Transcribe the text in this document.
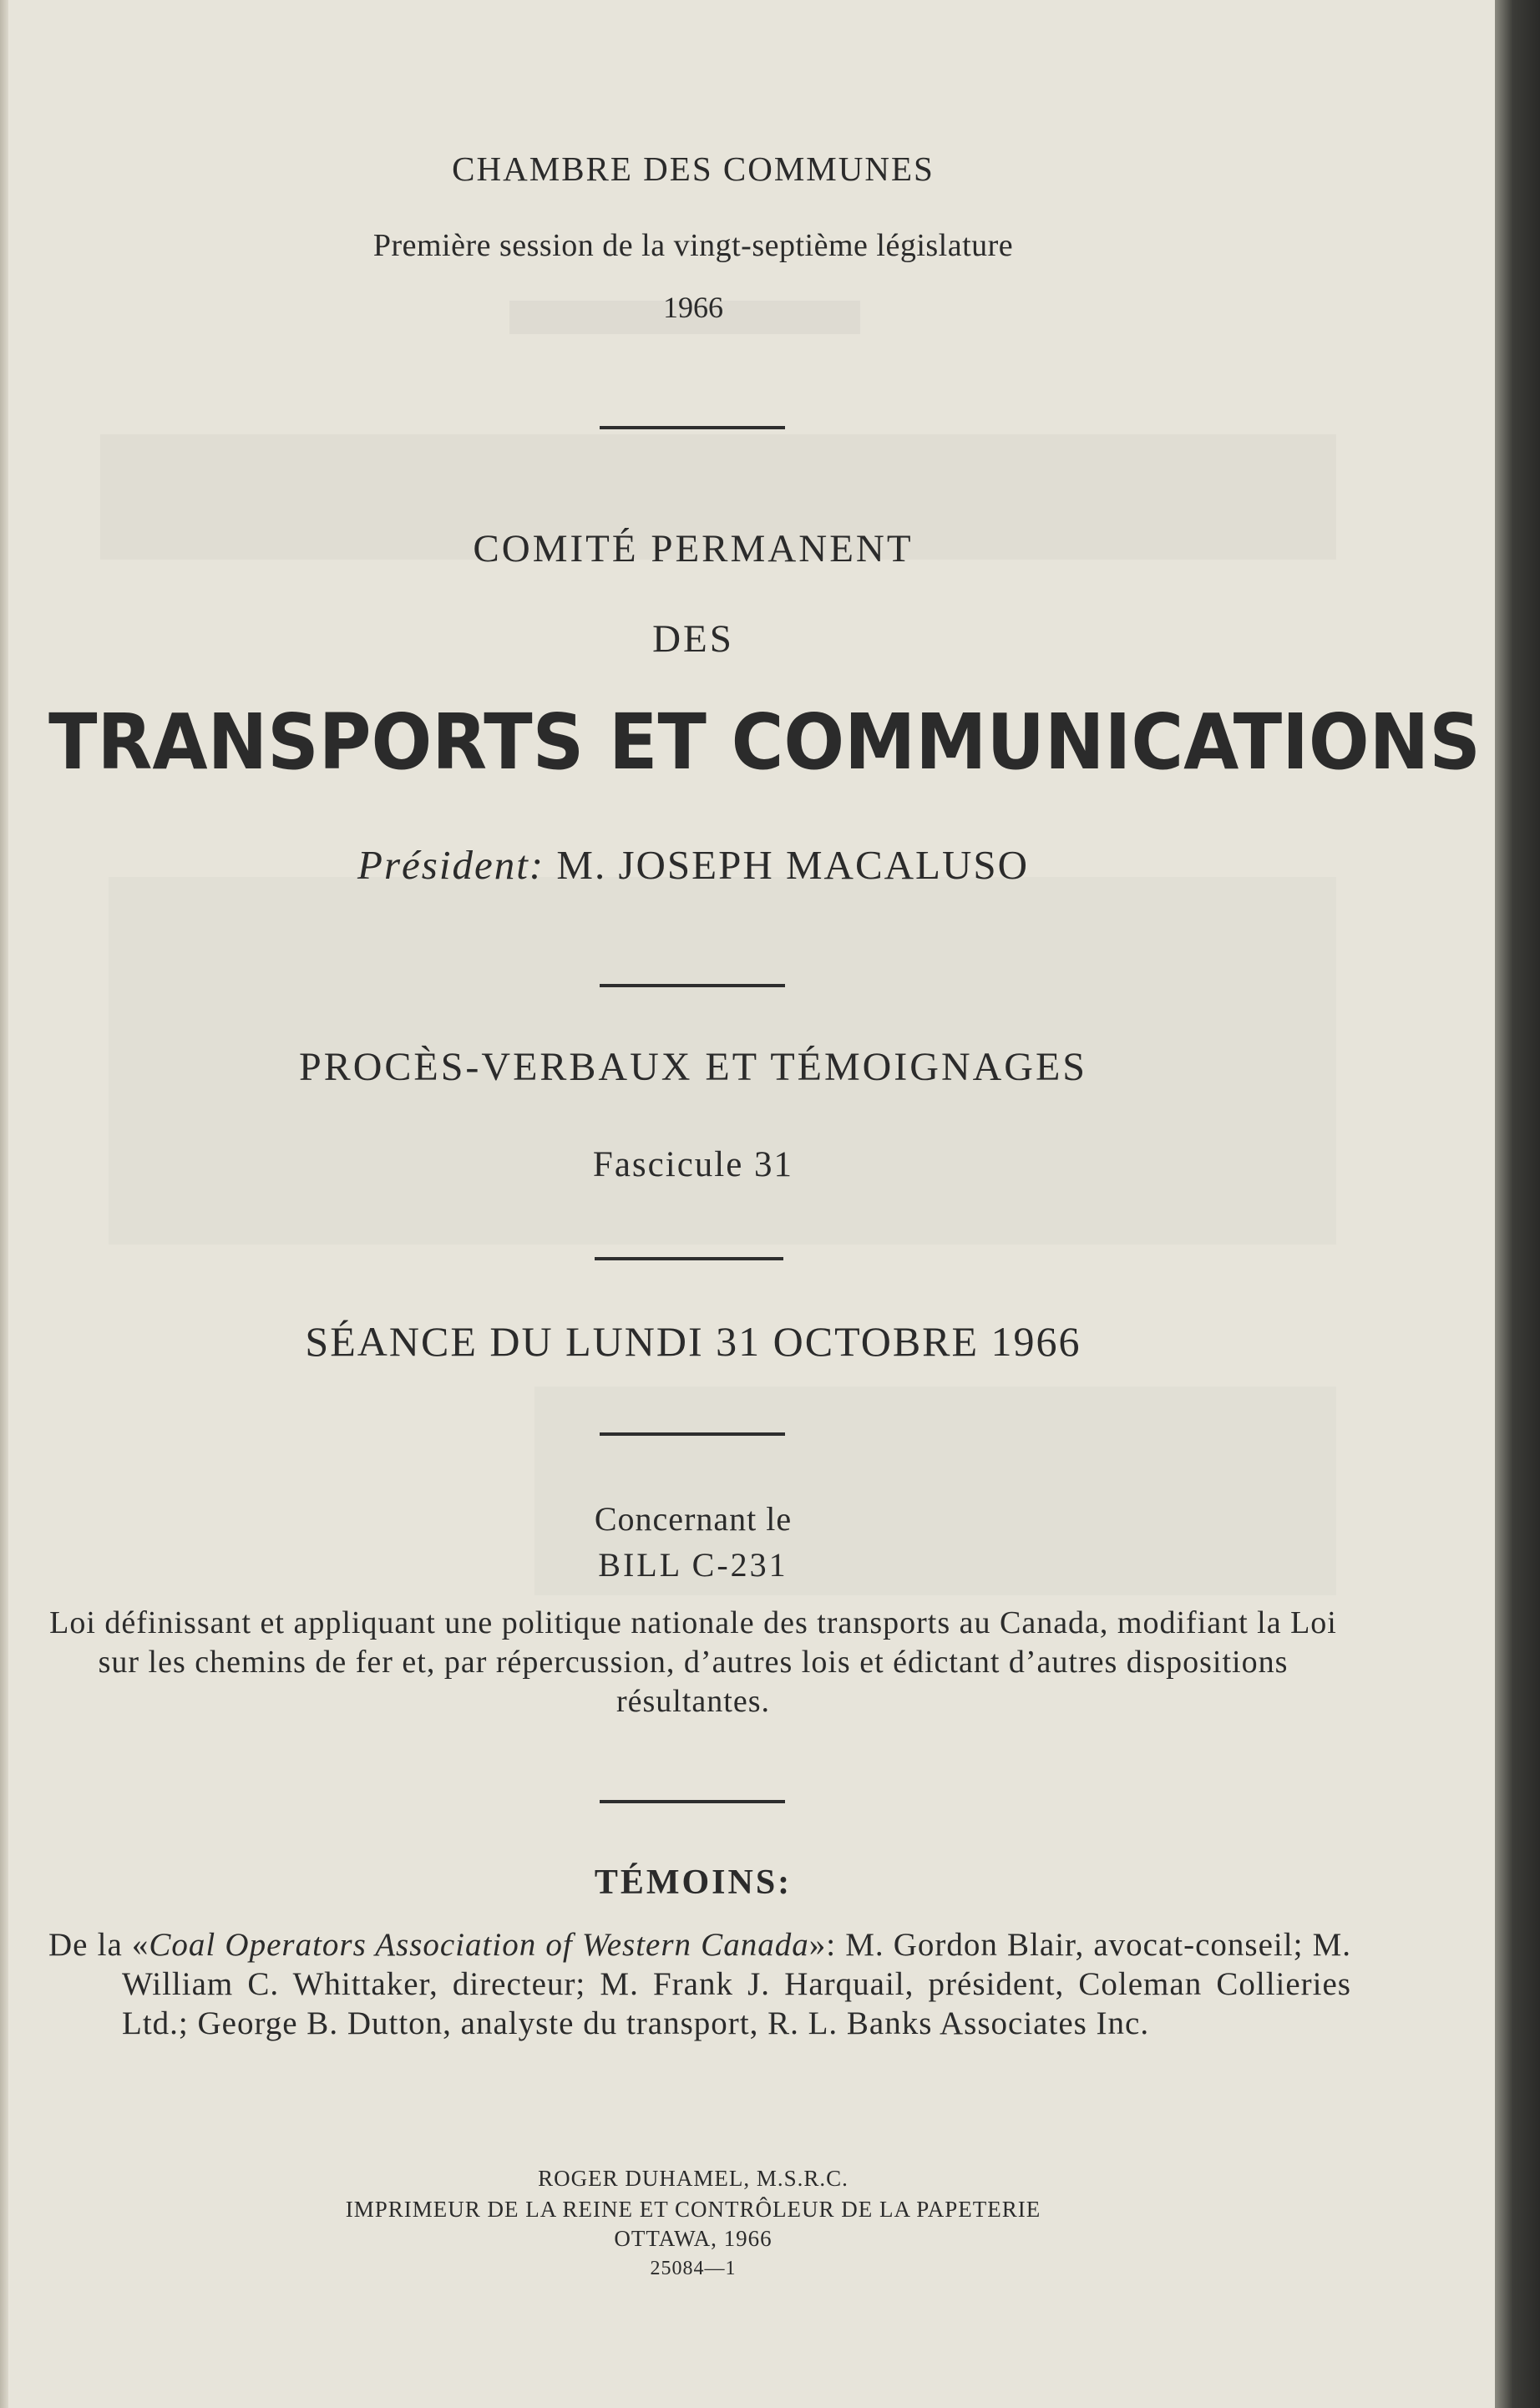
CHAMBRE DES COMMUNES
Première session de la vingt-septième législature
1966
COMITÉ PERMANENT
DES
TRANSPORTS ET COMMUNICATIONS
Président: M. JOSEPH MACALUSO
PROCÈS-VERBAUX ET TÉMOIGNAGES
Fascicule 31
SÉANCE DU LUNDI 31 OCTOBRE 1966
Concernant le
BILL C-231
Loi définissant et appliquant une politique nationale des transports au Canada, modifiant la Loi sur les chemins de fer et, par répercussion, d’autres lois et édictant d’autres dispositions résultantes.
TÉMOINS:
De la «Coal Operators Association of Western Canada»: M. Gordon Blair, avocat-conseil; M. William C. Whittaker, directeur; M. Frank J. Harquail, président, Coleman Collieries Ltd.; George B. Dutton, analyste du transport, R. L. Banks Associates Inc.
ROGER DUHAMEL, M.S.R.C.
IMPRIMEUR DE LA REINE ET CONTRÔLEUR DE LA PAPETERIE
OTTAWA, 1966
25084—1
